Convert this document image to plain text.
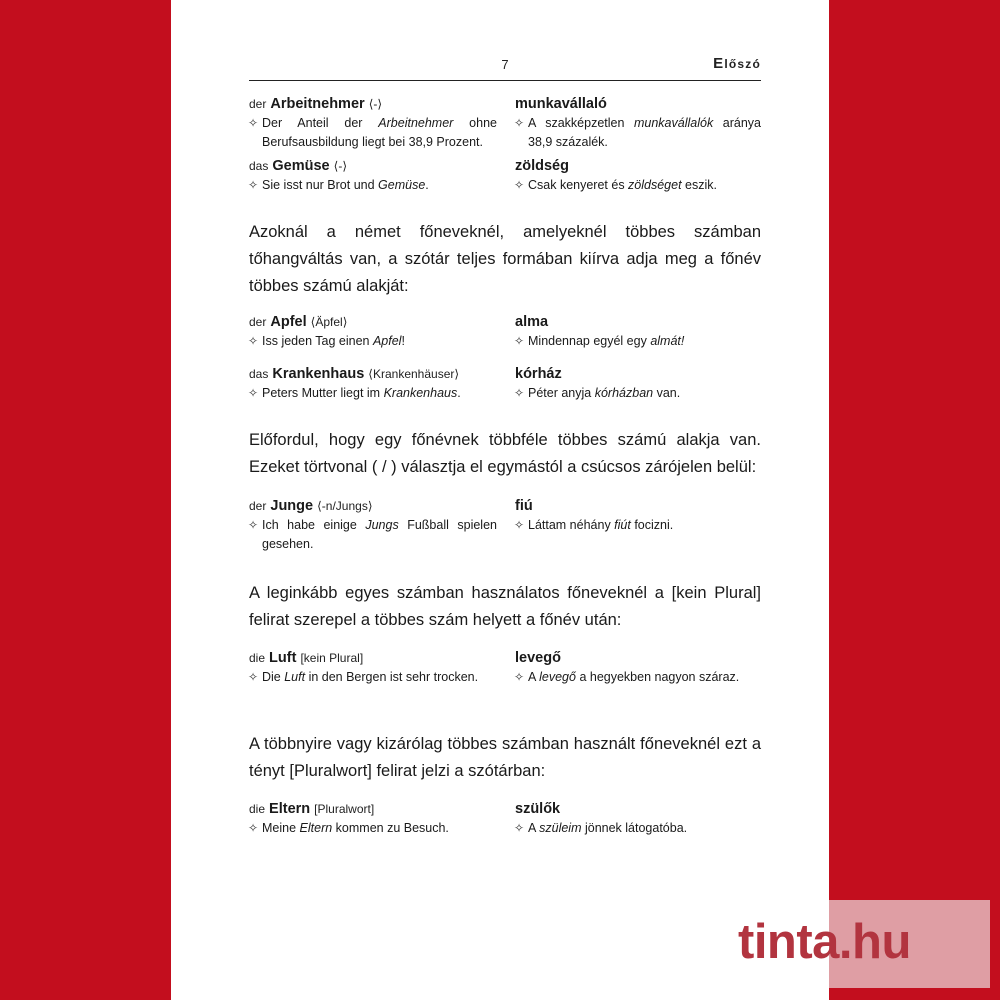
7	Előszó
der Arbeitnehmer ⟨-⟩
✧ Der Anteil der Arbeitnehmer ohne Berufsausbildung liegt bei 38,9 Prozent.
munkavállaló
✧ A szakképzetlen munkavállalók aránya 38,9 százalék.
das Gemüse ⟨-⟩
✧ Sie isst nur Brot und Gemüse.
zöldség
✧ Csak kenyeret és zöldséget eszik.
Azoknál a német főneveknél, amelyeknél többes számban tőhangváltás van, a szótár teljes formában kiírva adja meg a főnév többes számú alakját:
der Apfel ⟨Äpfel⟩
✧ Iss jeden Tag einen Apfel!
alma
✧ Mindennap egyél egy almát!
das Krankenhaus ⟨Krankenhäuser⟩
✧ Peters Mutter liegt im Krankenhaus.
kórház
✧ Péter anyja kórházban van.
Előfordul, hogy egy főnévnek többféle többes számú alakja van. Ezeket törtvonal ( / ) választja el egymástól a csúcsos zárójelen belül:
der Junge ⟨-n/Jungs⟩
✧ Ich habe einige Jungs Fußball spielen gesehen.
fiú
✧ Láttam néhány fiút focizni.
A leginkább egyes számban használatos főneveknél a [kein Plural] felirat szerepel a többes szám helyett a főnév után:
die Luft [kein Plural]
✧ Die Luft in den Bergen ist sehr trocken.
levegő
✧ A levegő a hegyekben nagyon száraz.
A többnyire vagy kizárólag többes számban használt főneveknél ezt a tényt [Pluralwort] felirat jelzi a szótárban:
die Eltern [Pluralwort]
✧ Meine Eltern kommen zu Besuch.
szülők
✧ A szüleim jönnek látogatóba.
tinta.hu
